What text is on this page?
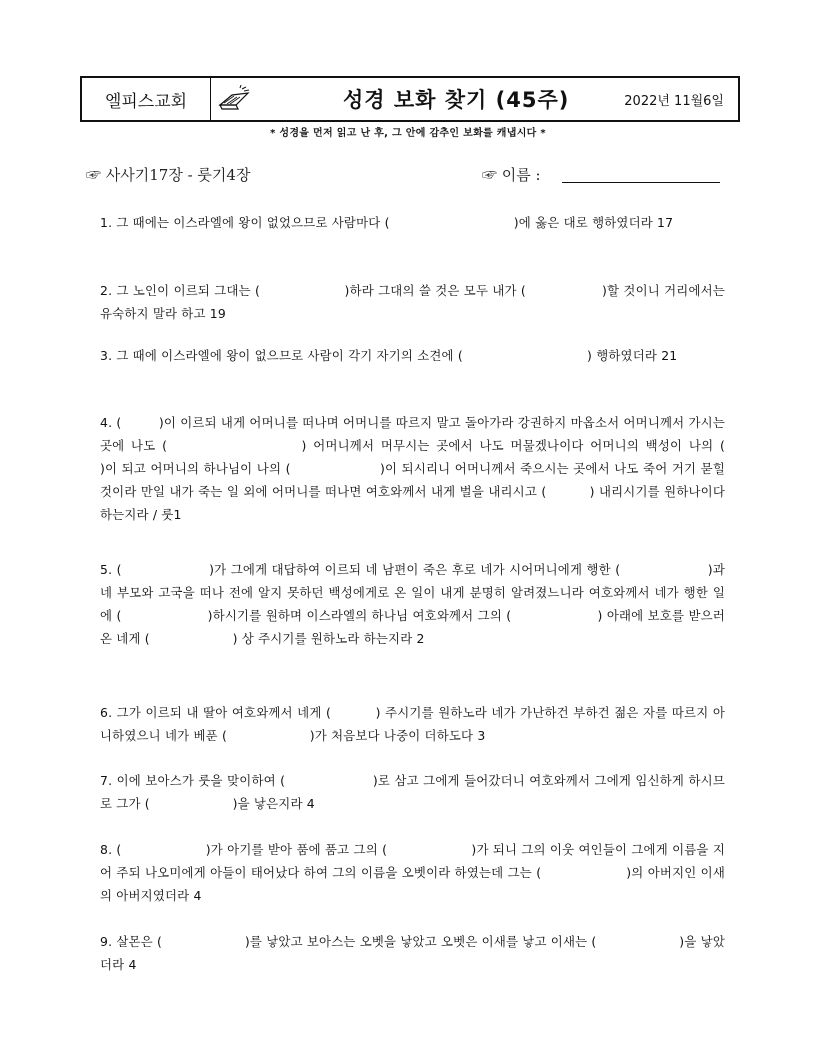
엘피스교회	성경 보화 찾기 (45주)	2022년 11월6일
* 성경을 먼저 읽고 난 후, 그 안에 감추인 보화를 캐냅시다 *
☞ 사사기17장 - 룻기4장	☞ 이름 :
1. 그 때에는 이스라엘에 왕이 없었으므로 사람마다 (                              )에 옳은 대로 행하였더라 17
2. 그 노인이 이르되 그대는 (                    )하라 그대의 쓸 것은 모두 내가 (                  )할 것이니 거리에서는 유숙하지 말라 하고 19
3. 그 때에 이스라엘에 왕이 없으므로 사람이 각기 자기의 소견에 (                              ) 행하였더라 21
4. (         )이 이르되 내게 어머니를 떠나며 어머니를 따르지 말고 돌아가라 강권하지 마옵소서 어머니께서 가시는 곳에 나도 (                    ) 어머니께서 머무시는 곳에서 나도 머물겠나이다 어머니의 백성이 나의 (                    )이 되고 어머니의 하나님이 나의 (                    )이 되시리니 어머니께서 죽으시는 곳에서 나도 죽어 거기 묻힐 것이라 만일 내가 죽는 일 외에 어머니를 떠나면 여호와께서 내게 벌을 내리시고 (          ) 내리시기를 원하나이다 하는지라 / 룻1
5. (                    )가 그에게 대답하여 이르되 네 남편이 죽은 후로 네가 시어머니에게 행한 (                    )과 네 부모와 고국을 떠나 전에 알지 못하던 백성에게로 온 일이 내게 분명히 알려졌느니라 여호와께서 네가 행한 일에 (                    )하시기를 원하며 이스라엘의 하나님 여호와께서 그의 (                    ) 아래에 보호를 받으러 온 네게 (                    ) 상 주시기를 원하노라 하는지라 2
6. 그가 이르되 내 딸아 여호와께서 네게 (          ) 주시기를 원하노라 네가 가난하건 부하건 젊은 자를 따르지 아니하였으니 네가 베푼 (                    )가 처음보다 나중이 더하도다 3
7. 이에 보아스가 룻을 맞이하여 (                    )로 삼고 그에게 들어갔더니 여호와께서 그에게 임신하게 하시므로 그가 (                    )을 낳은지라 4
8. (                    )가 아기를 받아 품에 품고 그의 (                    )가 되니 그의 이웃 여인들이 그에게 이름을 지어 주되 나오미에게 아들이 태어났다 하여 그의 이름을 오벳이라 하였는데 그는 (                    )의 아버지인 이새의 아버지였더라 4
9. 살몬은 (                    )를 낳았고 보아스는 오벳을 낳았고 오벳은 이새를 낳고 이새는 (                    )을 낳았더라 4
